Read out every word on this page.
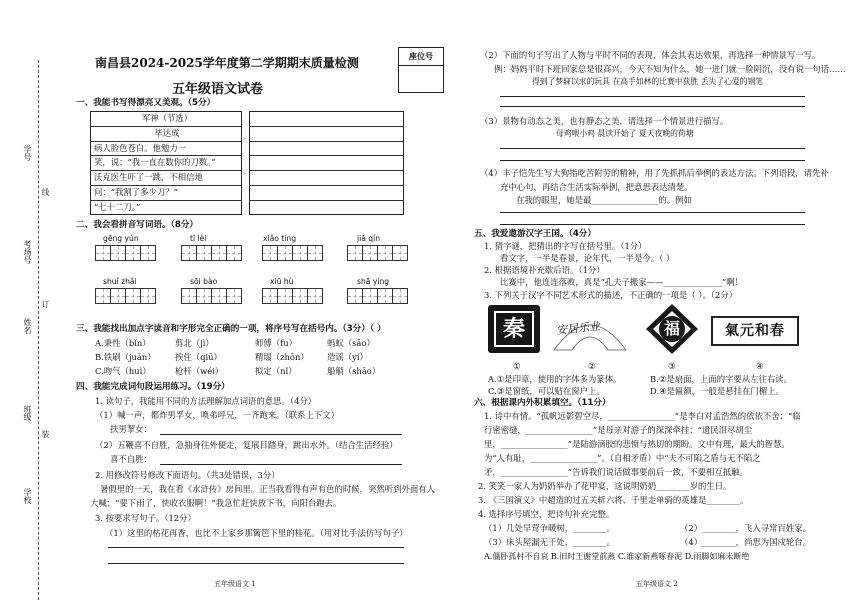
学号
考场号
姓名
班级
学校
线
订
装
南昌县2024-2025学年度第二学期期末质量检测
五年级语文试卷
座位号
一、我能书写得漂亮又美观。（5分）
军神（节选）
毕达成
病人脸色苍白。他勉力一
笑，说：“我一直在数你的刀数。”
沃克医生吓了一跳，不相信地
问：“我割了多少刀？”
“七十二刀。”
二、我会看拼音写词语。（8分）
gēng yún	tǐ lèi	xiǎo tíng	jiā qín
shuǐ zhǎi	sōi bào	xiū hù	shā yíng
三、我能找出加点字读音和字形完全正确的一项，将序号写在括号内。（3分）（ ）
A.秉性（bǐn）	剪北（jì）	师傅（fu）	蚂蚁（sāo）
B.铁刷（juān） 挨住（qiū）	精塌（zhōn） 造谣（yí）
C.吻气（huì）	枪杆（wéi）	拟定（nǐ）	船艄（shāo）
四、我能完成词句段运用练习。（19分）
1. 读句子，我能用不同的方法理解加点词语的意思。（4分）
（1）喊一声，都炸男孚女，唤弟呼兄，一齐跑来。（联系上下文）
扶男挈女：
（2）五鞭喜不自胜，急抽身往外便走，复展目踏身，跳出水外。（结合生活经验）
喜不自胜：
2. 用修改符号修改下面语句。（共3处错误，3分）
暑假里的一天，我在看《水浒传》房间里。正当我看得有声有色的时候，突然听到外面有人
大喊：“要下雨了，快收衣服啊！”我急忙赶快放下书，向阳台跑去。
3. 按要求写句子。（12分）
（1）这里的枯花再香，也比不上家乡那篱笆下里的桂花。（用对比手法仿写句子）
五年级语文 1
（2）下面的句子写出了人物与平时不同的表现，体会其表达效果，再选择一种情景写一写。
例：妈妈平时下班回家总是很高兴，今天不知为什么，她一进门就一脸阴沉，没有说一句话……
得到了梦寐以求的玩具 在高手如林的比赛中获胜 丢失了心爱的钢笔
（3）景物有动态之美，也有静态之美，请选择一个情景进行描写。
母鸡喂小鸡 晨读开始了 夏天夜晚的荷塘
（4）丰子恺先生写大狗指吃苦附劳的精神，用了先抓抓后举例的表达方法。下列语段，请先补
充中心句，再结合生活实际举例，把意思表达清楚。
在我的眼里，她是最________________的。例如
五、我爱遨游汉字王国。（4分）
1. 猜字谜，把猜出的字写在括号里。（1分）
看文字，一半是春景，论年代，一半是今。（ ）
2. 根据语境补充歇后语。（1分）
比赛中，他连连落败，真是“孔夫子搬家——______________”啊！
3. 下列关于汉字不同艺术形式的描述，不正确的一项是（ ）。（2分）
秦	安居乐业	福	氣元和春
①	②	③	④
A.①是印章，使用的字体多为篆体。	B.②是扇面，上面的字要从左往右读。
C.③是窗纸，可以贴在窗户上。	D.④是匾额，一般是悬挂在门楣上。
六、根据课内外积累填空。（11分）
1. 诗中有情。“孤帆远影碧空尽，________________”是李白对孟浩然的依依不舍；“临
行密密缝，________________”是母亲对游子的深深牵挂；“遗民泪尽胡尘
里，________________”是陆游滴胶的悲愤与热切的期盼。文中有理，最大的智慧。
为“人有耻，________________”。（自相矛盾）中“夫不可陷之盾与无不陷之
矛，________________”告诉我们说话做事要前后一致，不要相互抵触。
2. 笑笑一家人为奶奶举办了花甲宴，这说明奶奶________岁的生日。
3. 《三国演义》中超造的过五关斩六将、千里走单骑的英雄是________。
4. 选择序号填空，把诗句补充完整。
（1）几处早莺争暖树，________。	（2）________，飞入寻常百姓家。
（3）床头屋漏无干处，________。	（4）________，尚思为国戍轮台。
A.僵卧孤村不自哀 B.旧时王谢堂前燕 C.谁家新燕啄春泥 D.雨脚如麻未断绝
五年级语文 2
